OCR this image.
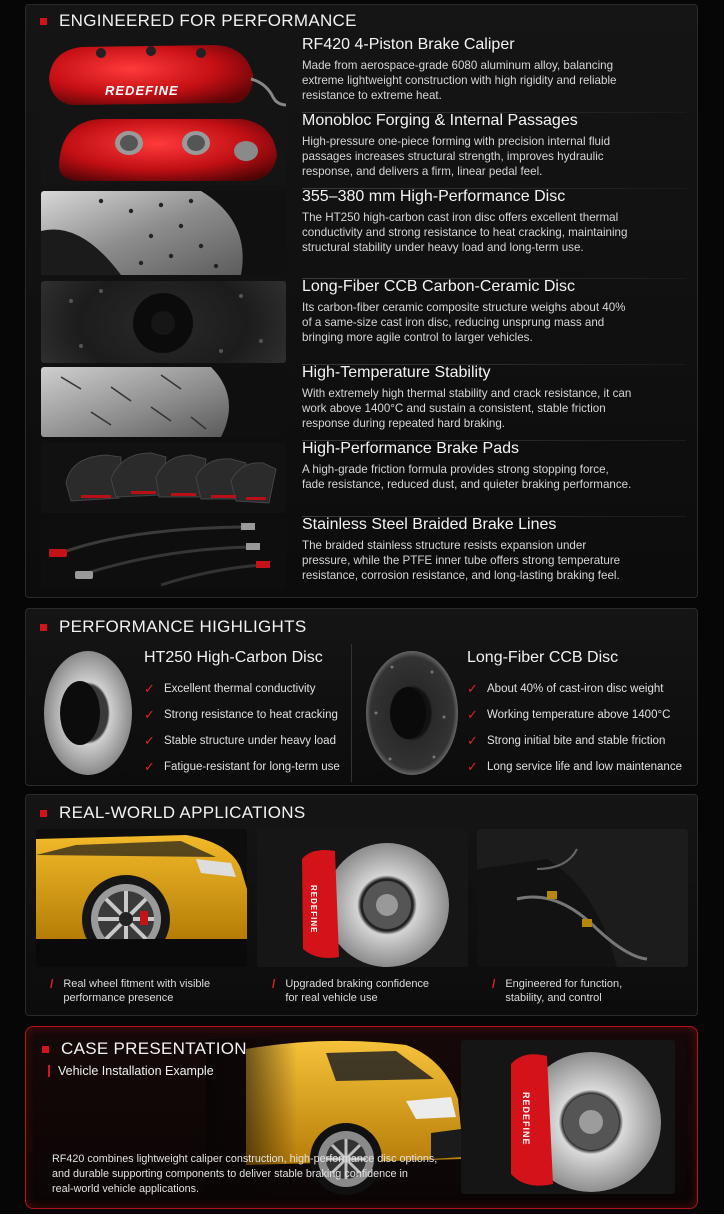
ENGINEERED FOR PERFORMANCE
REDEFINE
RF420 4-Piston Brake Caliper
Made from aerospace-grade 6080 aluminum alloy, balancing extreme lightweight construction with high rigidity and reliable resistance to extreme heat.
Monobloc Forging & Internal Passages
High-pressure one-piece forming with precision internal fluid passages increases structural strength, improves hydraulic response, and delivers a firm, linear pedal feel.
355–380 mm High-Performance Disc
The HT250 high-carbon cast iron disc offers excellent thermal conductivity and strong resistance to heat cracking, maintaining structural stability under heavy load and long-term use.
Long-Fiber CCB Carbon-Ceramic Disc
Its carbon-fiber ceramic composite structure weighs about 40% of a same-size cast iron disc, reducing unsprung mass and bringing more agile control to larger vehicles.
High-Temperature Stability
With extremely high thermal stability and crack resistance, it can work above 1400°C and sustain a consistent, stable friction response during repeated hard braking.
High-Performance Brake Pads
A high-grade friction formula provides strong stopping force, fade resistance, reduced dust, and quieter braking performance.
Stainless Steel Braided Brake Lines
The braided stainless structure resists expansion under pressure, while the PTFE inner tube offers strong temperature resistance, corrosion resistance, and long-lasting braking feel.
PERFORMANCE HIGHLIGHTS
HT250 High-Carbon Disc
✓ Excellent thermal conductivity
✓ Strong resistance to heat cracking
✓ Stable structure under heavy load
✓ Fatigue-resistant for long-term use
Long-Fiber CCB Disc
✓ About 40% of cast-iron disc weight
✓ Working temperature above 1400°C
✓ Strong initial bite and stable friction
✓ Long service life and low maintenance
REAL-WORLD APPLICATIONS
REDEFINE
/ Real wheel fitment with visible
performance presence
/ Upgraded braking confidence
for real vehicle use
/ Engineered for function,
stability, and control
CASE PRESENTATION
Vehicle Installation Example
RF420 combines lightweight caliper construction, high-performance disc options,
and durable supporting components to deliver stable braking confidence in
real-world vehicle applications.
REDEFINE
